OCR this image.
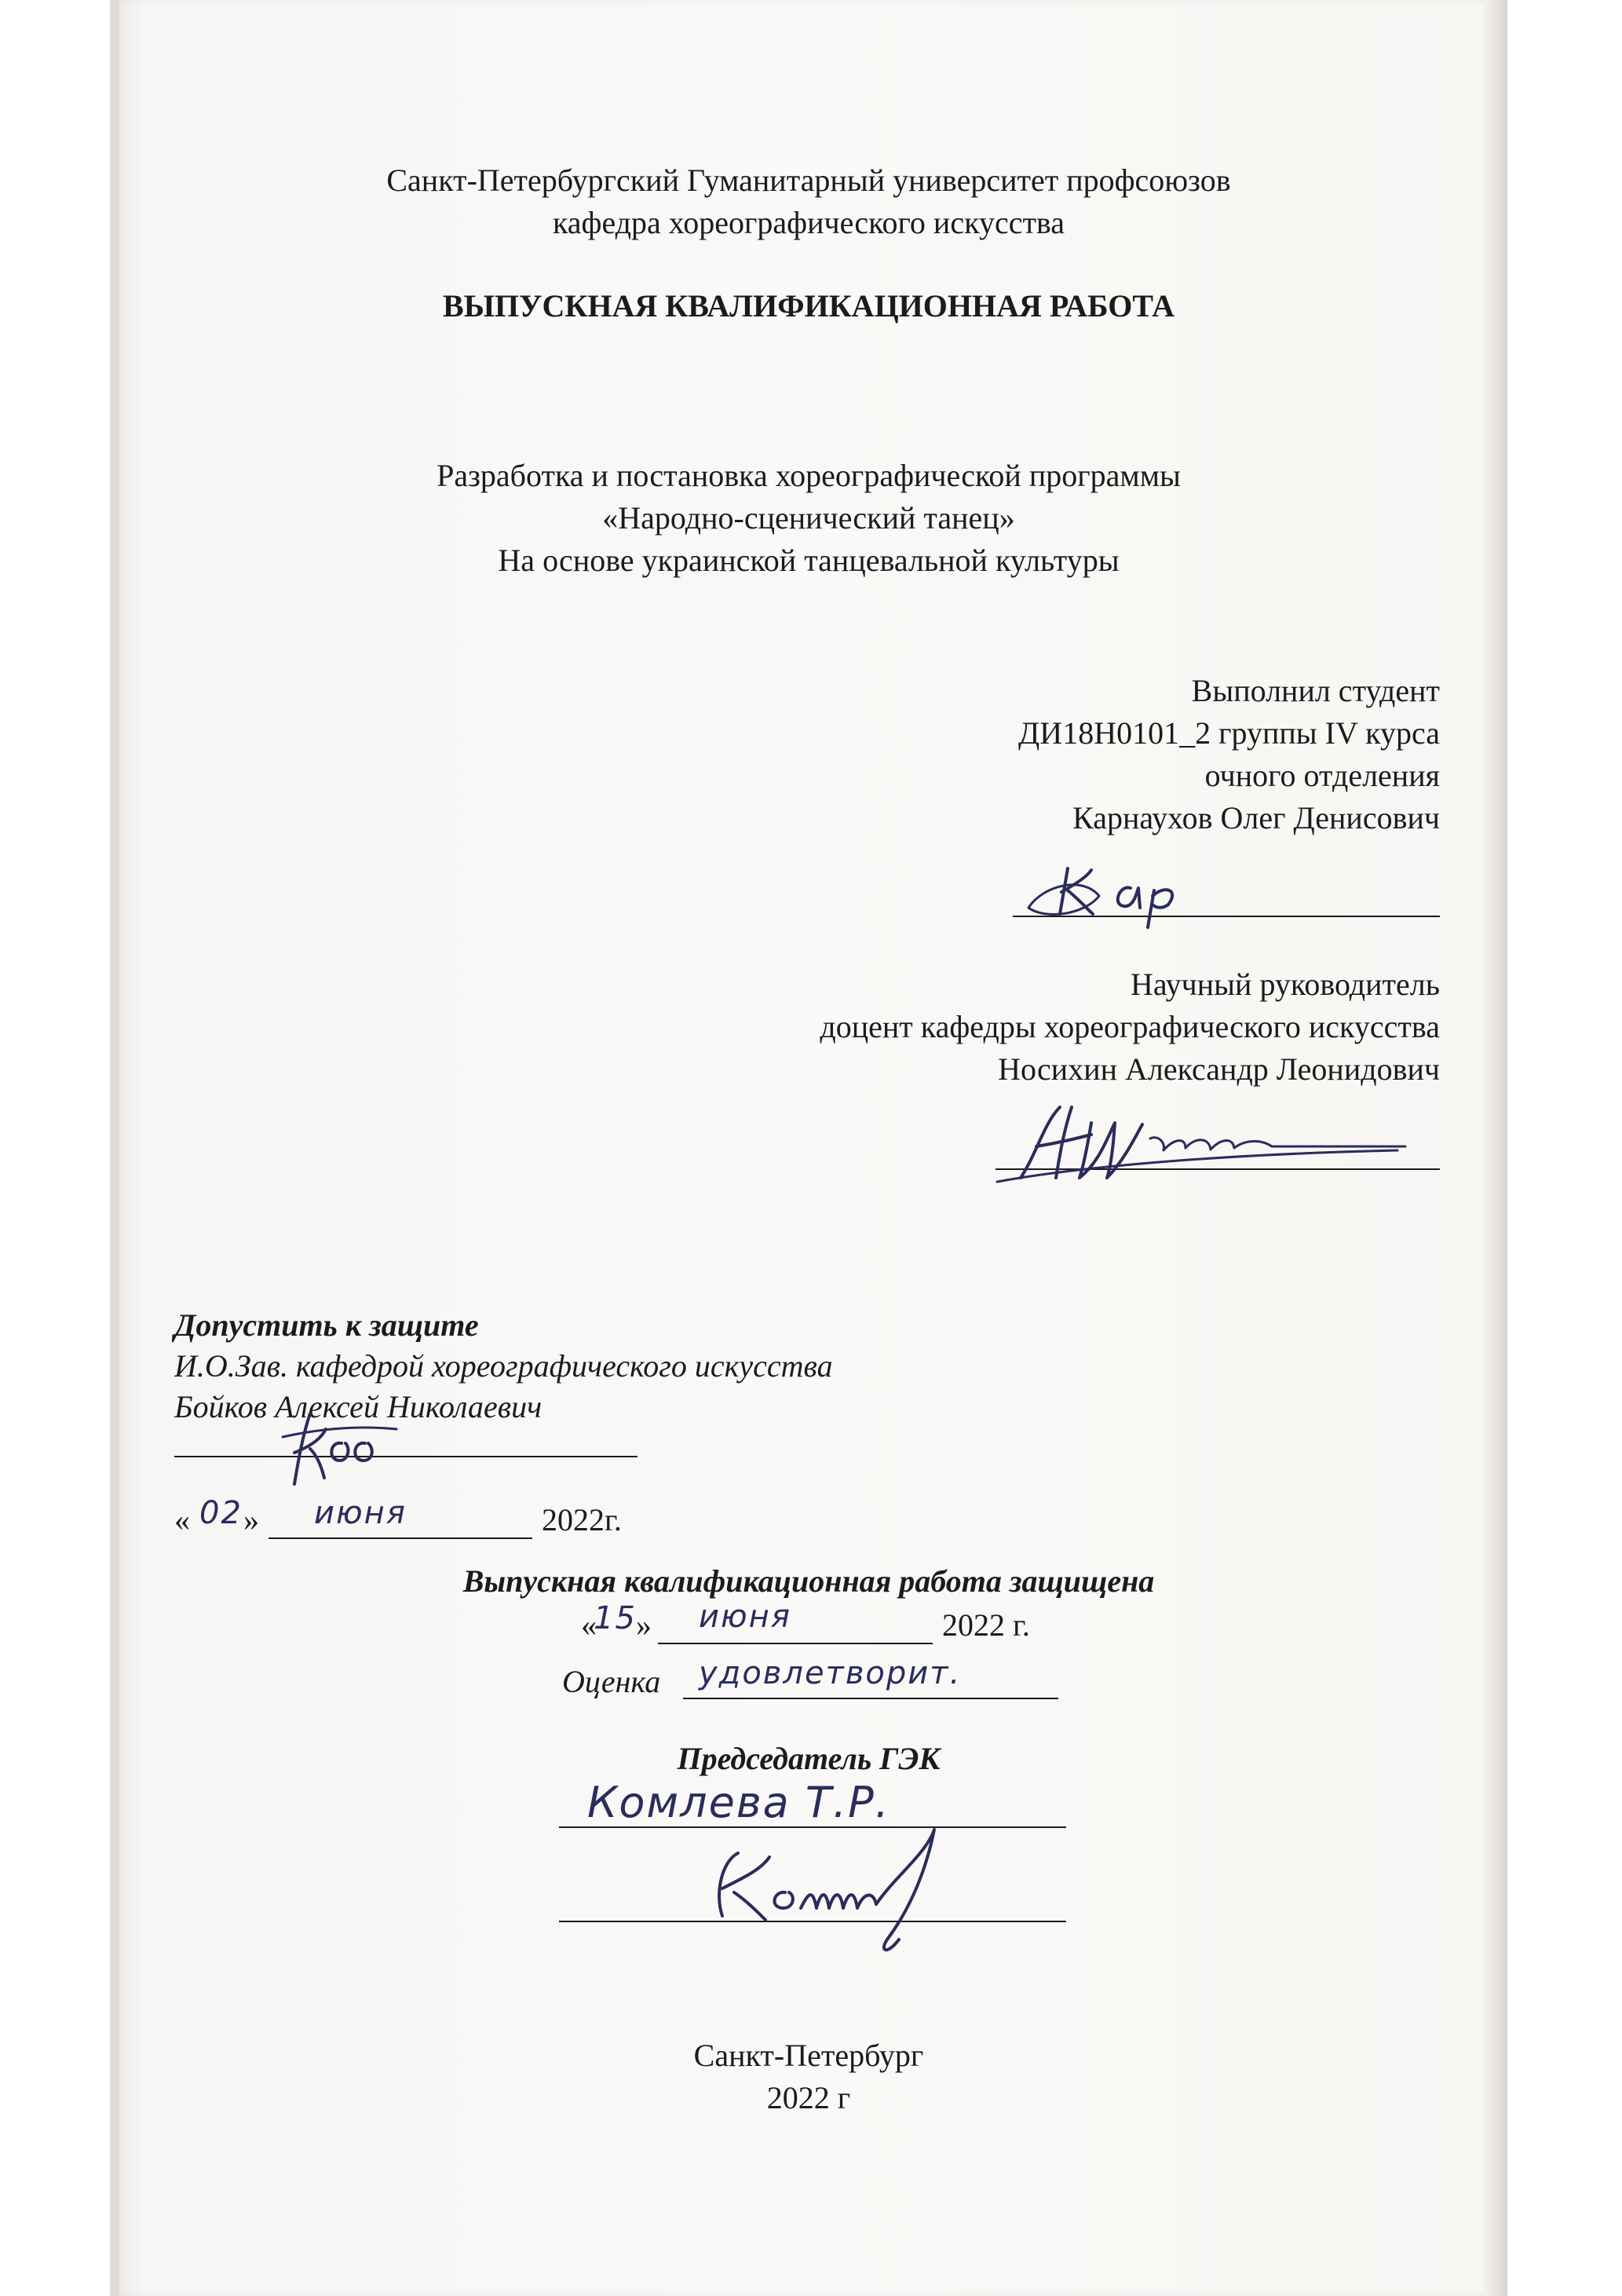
Санкт-Петербургский Гуманитарный университет профсоюзов
кафедра хореографического искусства
ВЫПУСКНАЯ КВАЛИФИКАЦИОННАЯ РАБОТА
Разработка и постановка хореографической программы
«Народно-сценический танец»
На основе украинской танцевальной культуры
Выполнил студент
ДИ18Н0101_2 группы IV курса
очного отделения
Карнаухов Олег Денисович
Научный руководитель
доцент кафедры хореографического искусства
Носихин Александр Леонидович
Допустить к защите
И.О.Зав. кафедрой хореографического искусства
Бойков Алексей Николаевич
« 02 » июня	2022г.
Выпускная квалификационная работа защищена
«
15 » июня	2022 г.
Оценка удовлетворит.
Председатель ГЭК
Комлева Т.Р.
Санкт-Петербург
2022 г
